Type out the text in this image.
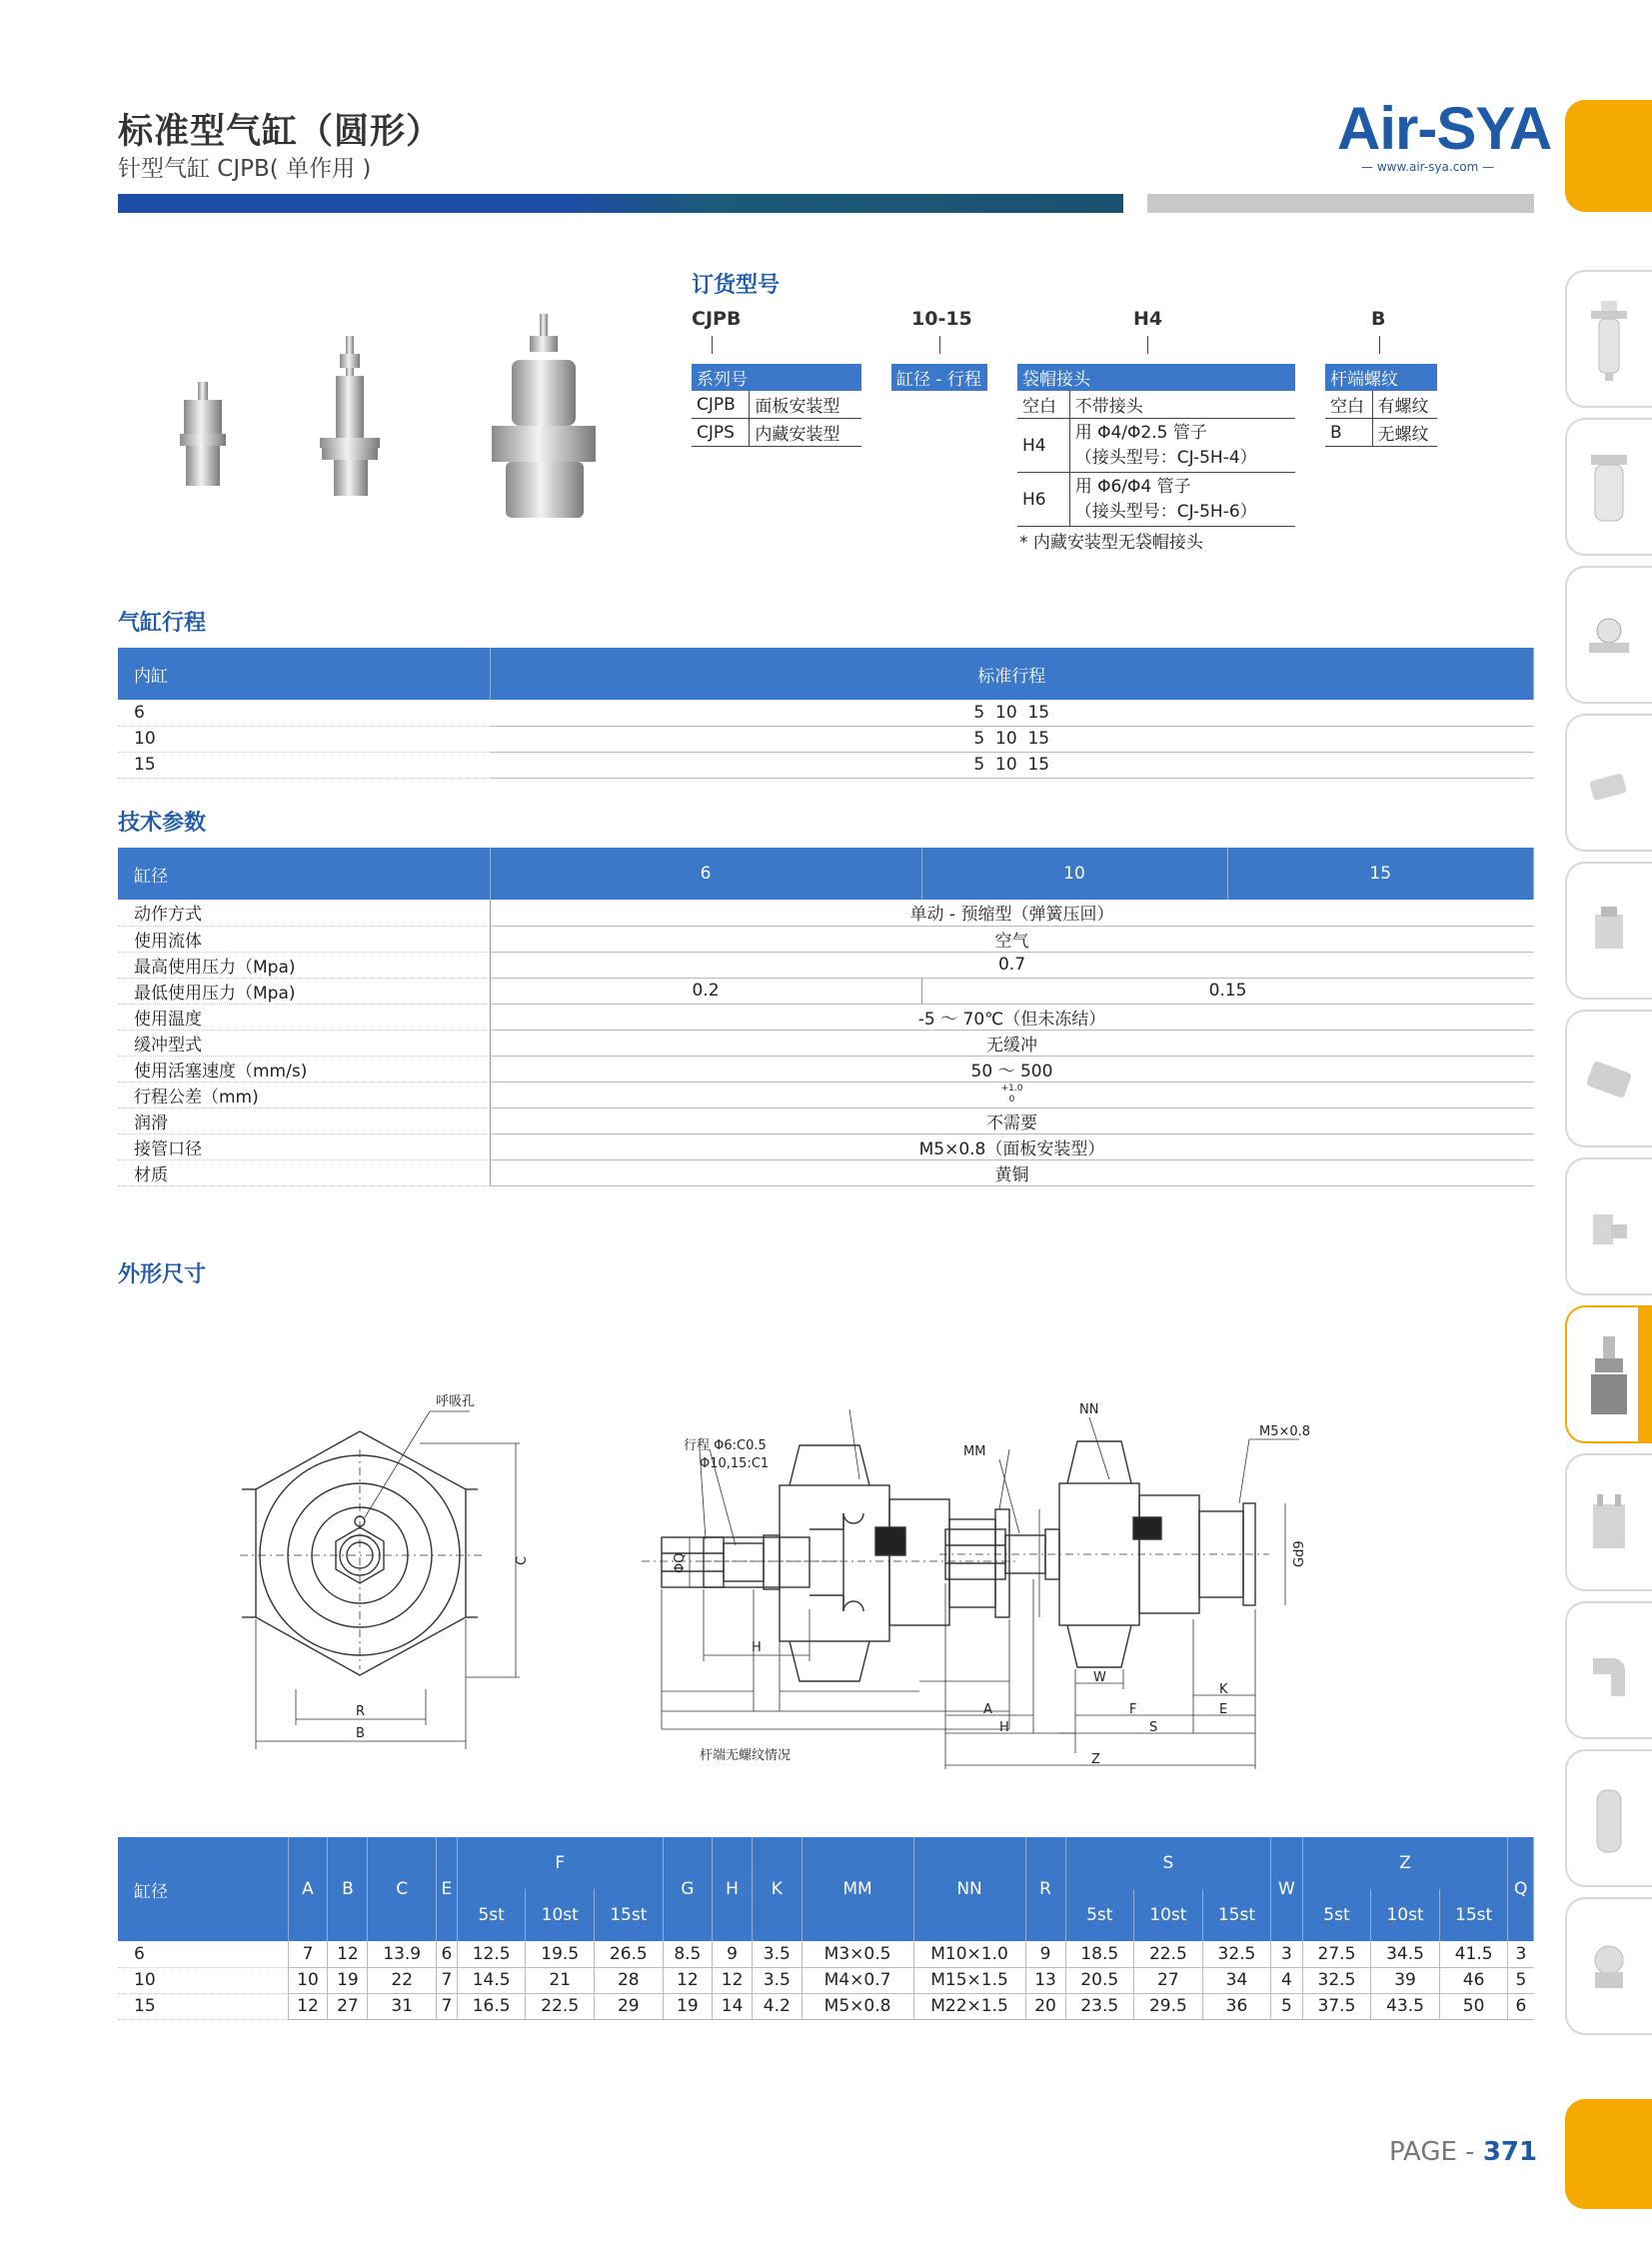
标准型气缸（圆形）
针型气缸 CJPB( 单作用 )
Air-SYA
— www.air-sya.com —
订货型号
CJPB	10-15	H4	B
系列号	
CJPB	面板安装型
CJPS	内藏安装型
缸径 - 行程 袋帽接头	
空白	不带接头
H4	用 Φ4/Φ2.5 管子
（接头型号：CJ-5H-4）

H6	用 Φ6/Φ4 管子
（接头型号：CJ-5H-6）
* 内藏安装型无袋帽接头
杆端螺纹	
空白	有螺纹
B	无螺纹
气缸行程
内缸	标准行程
6	5  10  15
10	5  10  15
15	5  10  15
技术参数
缸径	6	10	15
动作方式	单动 - 预缩型（弹簧压回）		
使用流体	空气		
最高使用压力（Mpa)	0.7		
最低使用压力（Mpa)	0.2	0.15	
使用温度	-5 ～ 70℃（但未冻结）		
缓冲型式	无缓冲		
使用活塞速度（mm/s)	50 ～ 500		
行程公差（mm)	+1.0
0		

润滑	不需要		
接管口径	M5×0.8（面板安装型）		
材质	黄铜		
外形尺寸
呼吸孔
C
R
B
行程 Φ6:C0.5
Φ10,15:C1
ΦQ
H
杆端无螺纹情况
MM
NN
M5×0.8
Gd9
W
F
K
E
A
H	S
Z
缸径	A	B	C	E	F			G	H	K	MM	NN	R	S			W	Z			Q
					5st	10st	15st							5st	10st	15st		5st	10st	15st	
6	7	12	13.9	6	12.5	19.5	26.5	8.5	9	3.5	M3×0.5	M10×1.0	9	18.5	22.5	32.5	3	27.5	34.5	41.5	3
10	10	19	22	7	14.5	21	28	12	12	3.5	M4×0.7	M15×1.5	13	20.5	27	34	4	32.5	39	46	5
15	12	27	31	7	16.5	22.5	29	19	14	4.2	M5×0.8	M22×1.5	20	23.5	29.5	36	5	37.5	43.5	50	6
PAGE - 371
